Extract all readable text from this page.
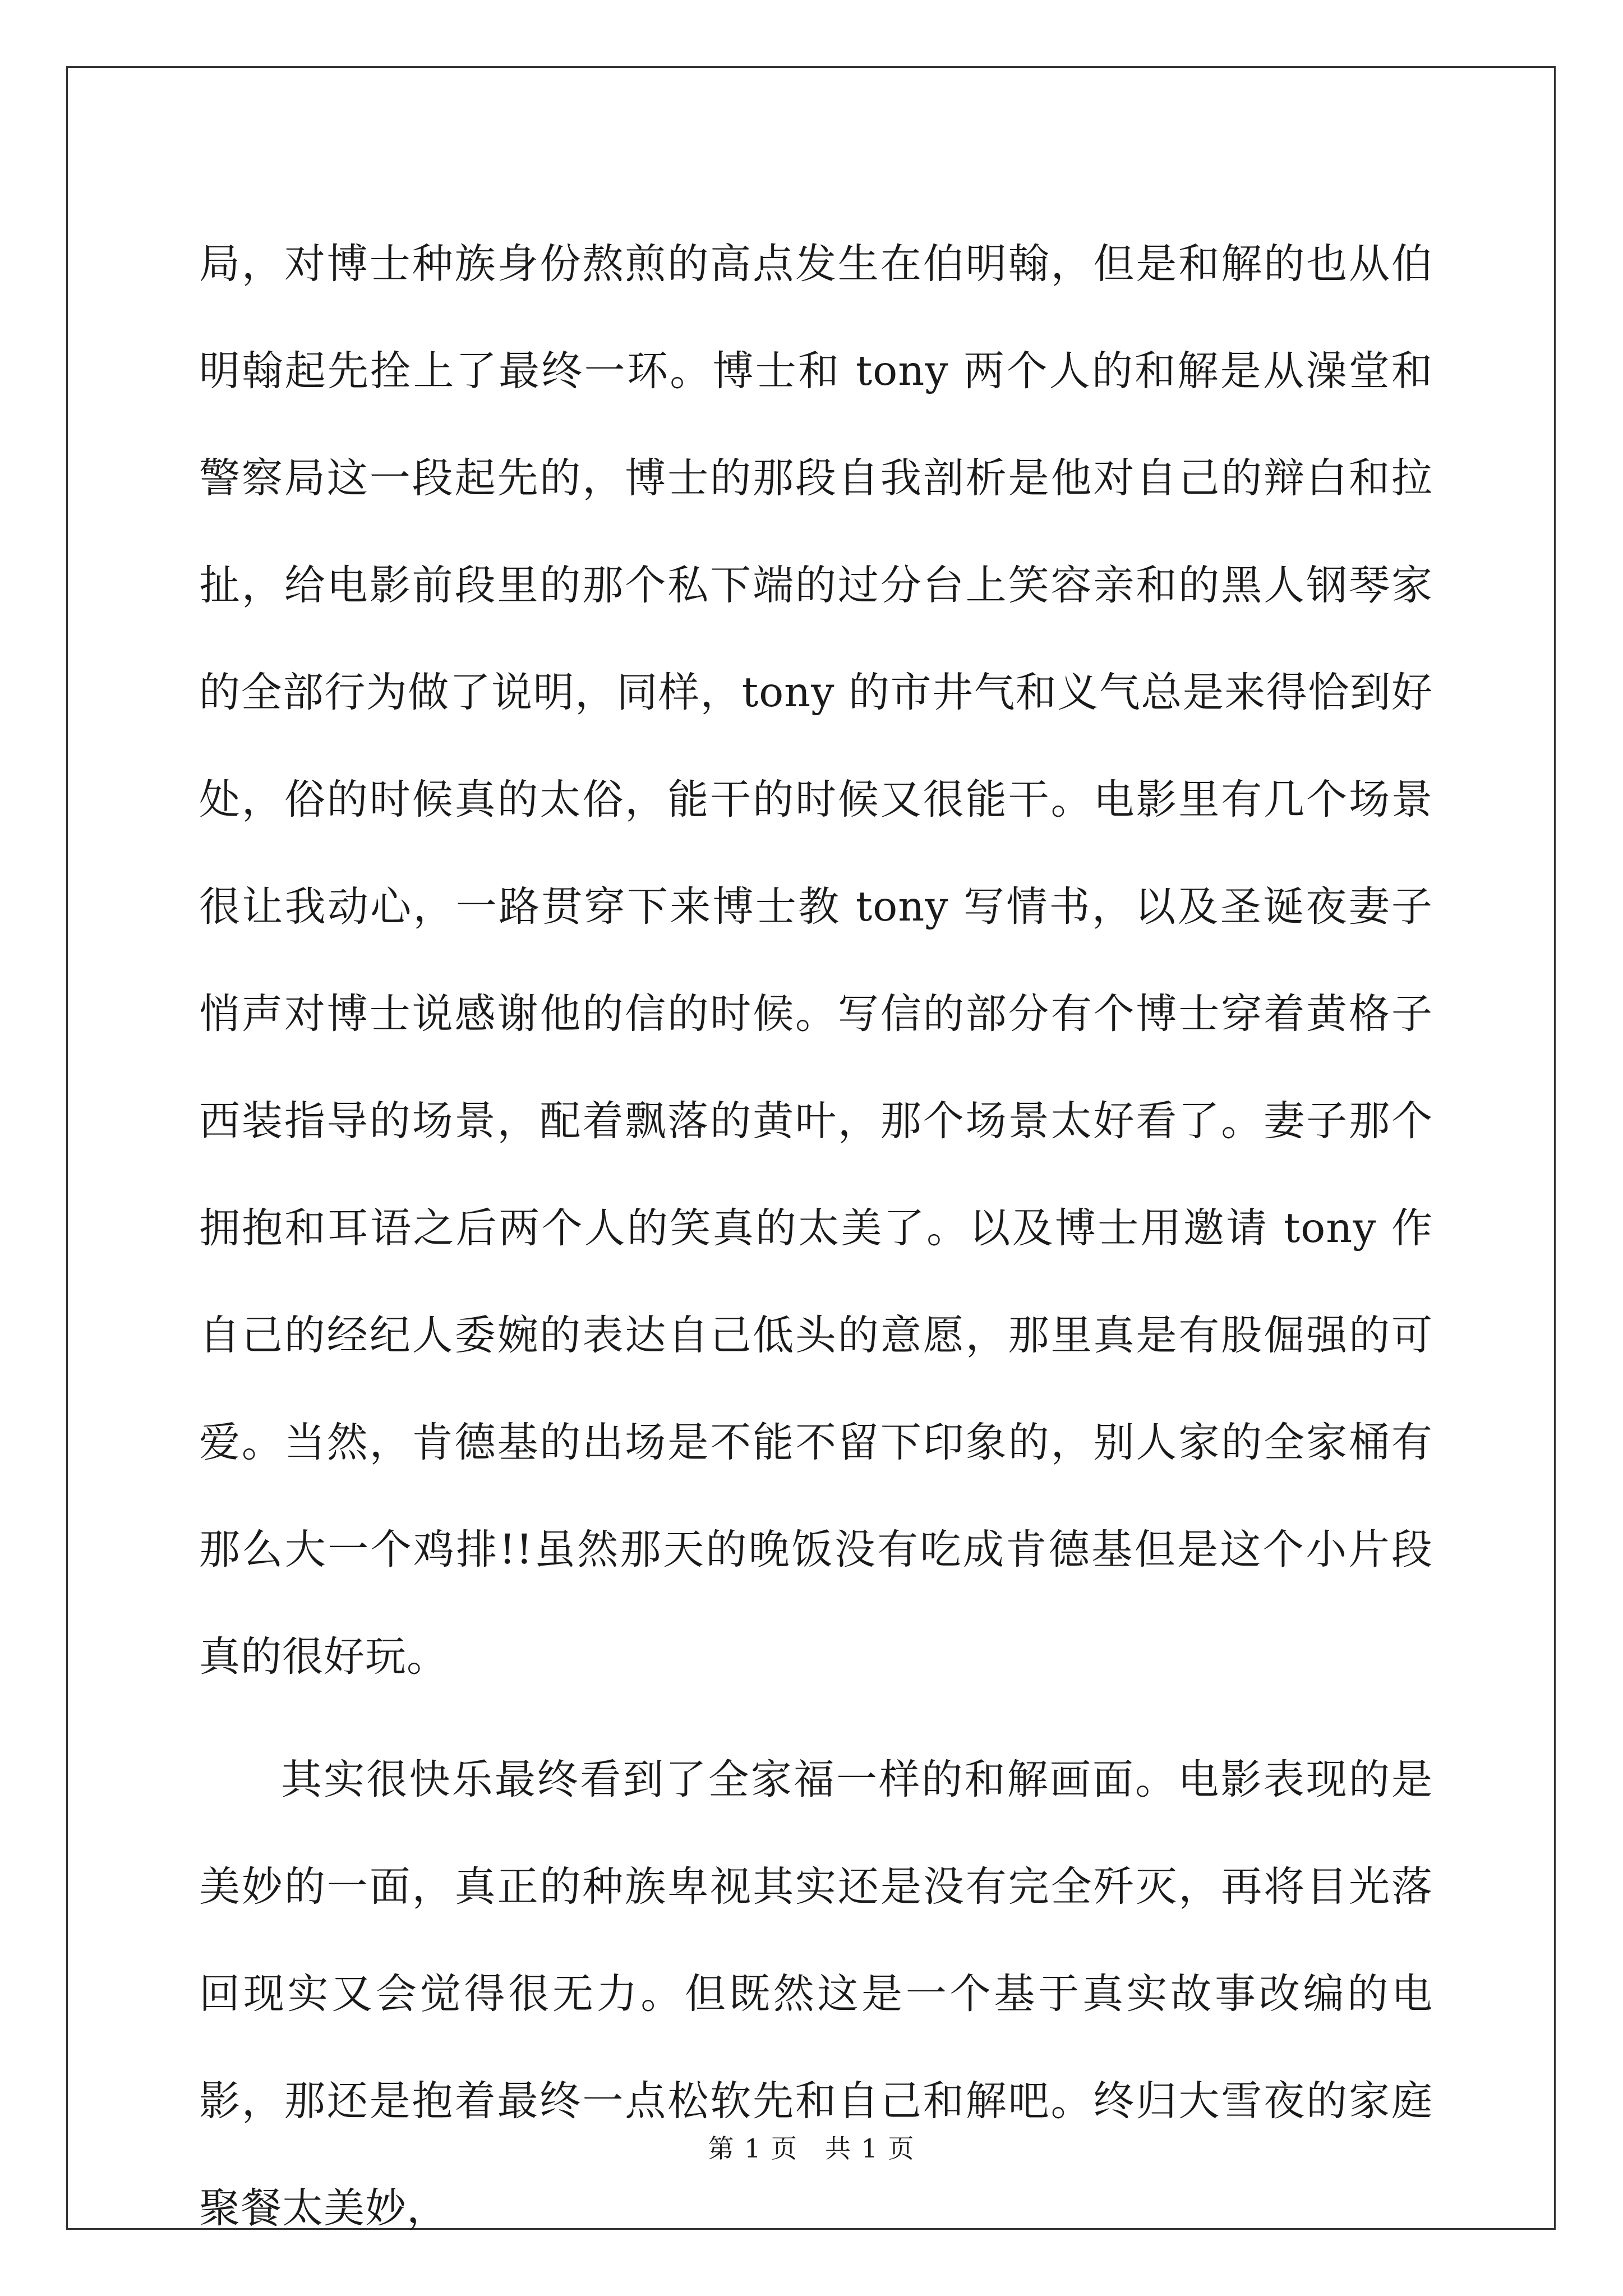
局，对博士种族身份熬煎的高点发生在伯明翰，但是和解的也从伯明翰起先拴上了最终一环。博士和 tony 两个人的和解是从澡堂和警察局这一段起先的，博士的那段自我剖析是他对自己的辩白和拉扯，给电影前段里的那个私下端的过分台上笑容亲和的黑人钢琴家的全部行为做了说明，同样，tony 的市井气和义气总是来得恰到好处，俗的时候真的太俗，能干的时候又很能干。电影里有几个场景很让我动心，一路贯穿下来博士教 tony 写情书，以及圣诞夜妻子悄声对博士说感谢他的信的时候。写信的部分有个博士穿着黄格子西装指导的场景，配着飘落的黄叶，那个场景太好看了。妻子那个拥抱和耳语之后两个人的笑真的太美了。以及博士用邀请 tony 作自己的经纪人委婉的表达自己低头的意愿，那里真是有股倔强的可爱。当然，肯德基的出场是不能不留下印象的，别人家的全家桶有那么大一个鸡排!!虽然那天的晚饭没有吃成肯德基但是这个小片段真的很好玩。

其实很快乐最终看到了全家福一样的和解画面。电影表现的是美妙的一面，真正的种族卑视其实还是没有完全歼灭，再将目光落回现实又会觉得很无力。但既然这是一个基于真实故事改编的电影，那还是抱着最终一点松软先和自己和解吧。终归大雪夜的家庭聚餐太美妙，

第 1 页　共 1 页
